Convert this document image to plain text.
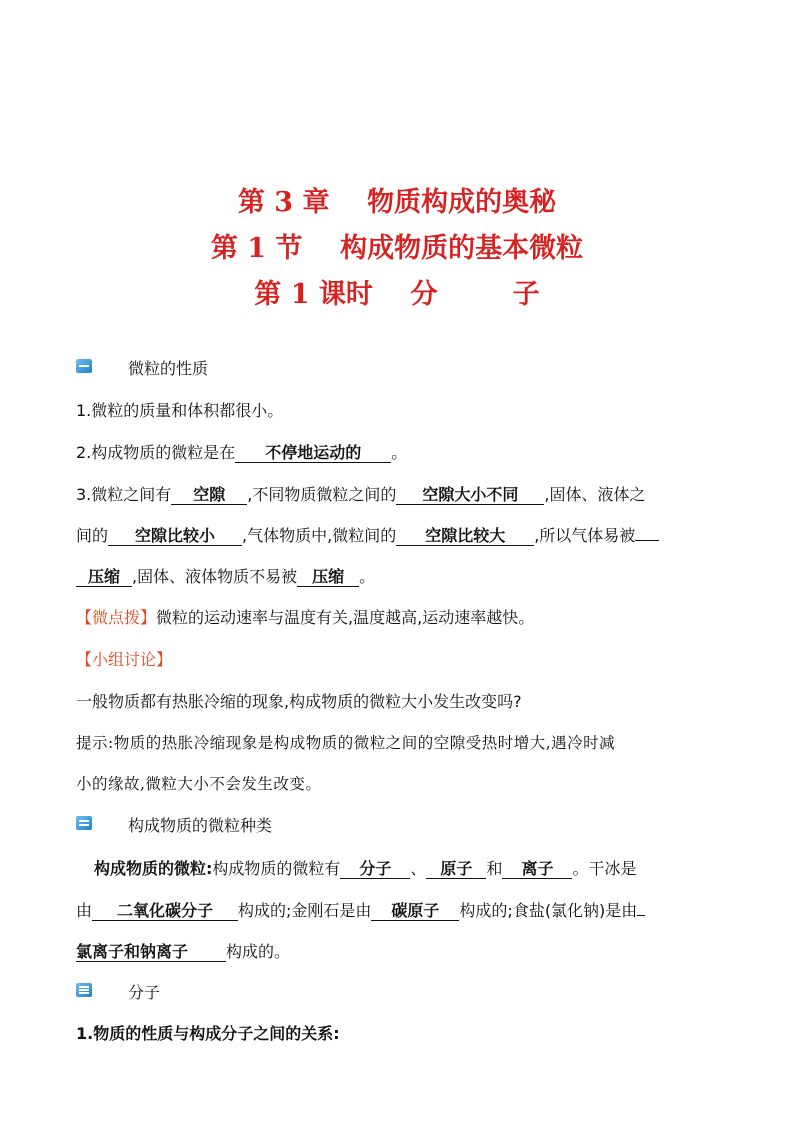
第 3 章    物质构成的奥秘
第 1 节    构成物质的基本微粒
第 1 课时    分        子
微粒的性质
1.微粒的质量和体积都很小。
2.构成物质的微粒是在 不停地运动的 。
3.微粒之间有 空隙 ,不同物质微粒之间的 空隙大小不同 ,固体、液体之
间的 空隙比较小 ,气体物质中,微粒间的 空隙比较大 ,所以气体易被
压缩 ,固体、液体物质不易被 压缩 。
【微点拨】微粒的运动速率与温度有关,温度越高,运动速率越快。
【小组讨论】
一般物质都有热胀冷缩的现象,构成物质的微粒大小发生改变吗?
提示:物质的热胀冷缩现象是构成物质的微粒之间的空隙受热时增大,遇冷时减
小的缘故,微粒大小不会发生改变。
构成物质的微粒种类
构成物质的微粒:构成物质的微粒有 分子 、 原子 和 离子 。干冰是
由 二氧化碳分子 构成的;金刚石是由 碳原子 构成的;食盐(氯化钠)是由
氯离子和钠离子 构成的。
分子
1.物质的性质与构成分子之间的关系:
